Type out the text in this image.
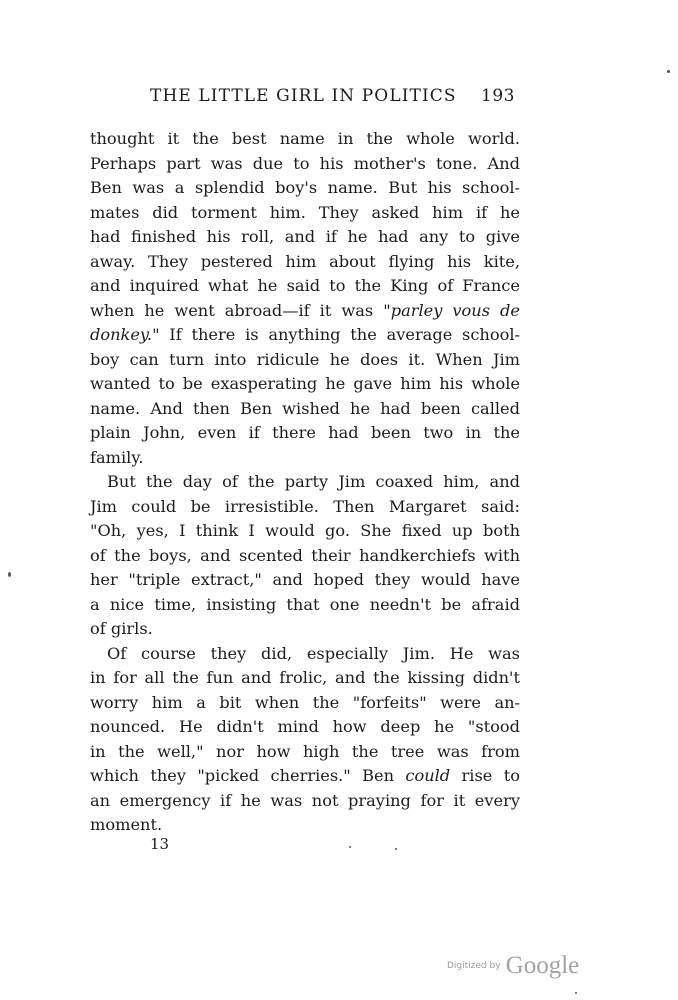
THE LITTLE GIRL IN POLITICS 193
thought it the best name in the whole world.
Perhaps part was due to his mother's tone. And
Ben was a splendid boy's name. But his school-
mates did torment him. They asked him if he
had finished his roll, and if he had any to give
away. They pestered him about flying his kite,
and inquired what he said to the King of France
when he went abroad—if it was "parley vous de
donkey." If there is anything the average school-
boy can turn into ridicule he does it. When Jim
wanted to be exasperating he gave him his whole
name. And then Ben wished he had been called
plain John, even if there had been two in the
family.
But the day of the party Jim coaxed him, and
Jim could be irresistible. Then Margaret said:
"Oh, yes, I think I would go. She fixed up both
of the boys, and scented their handkerchiefs with
her "triple extract," and hoped they would have
a nice time, insisting that one needn't be afraid
of girls.
Of course they did, especially Jim. He was
in for all the fun and frolic, and the kissing didn't
worry him a bit when the "forfeits" were an-
nounced. He didn't mind how deep he "stood
in the well," nor how high the tree was from
which they "picked cherries." Ben could rise to
an emergency if he was not praying for it every
moment.
13
Digitized by Google
